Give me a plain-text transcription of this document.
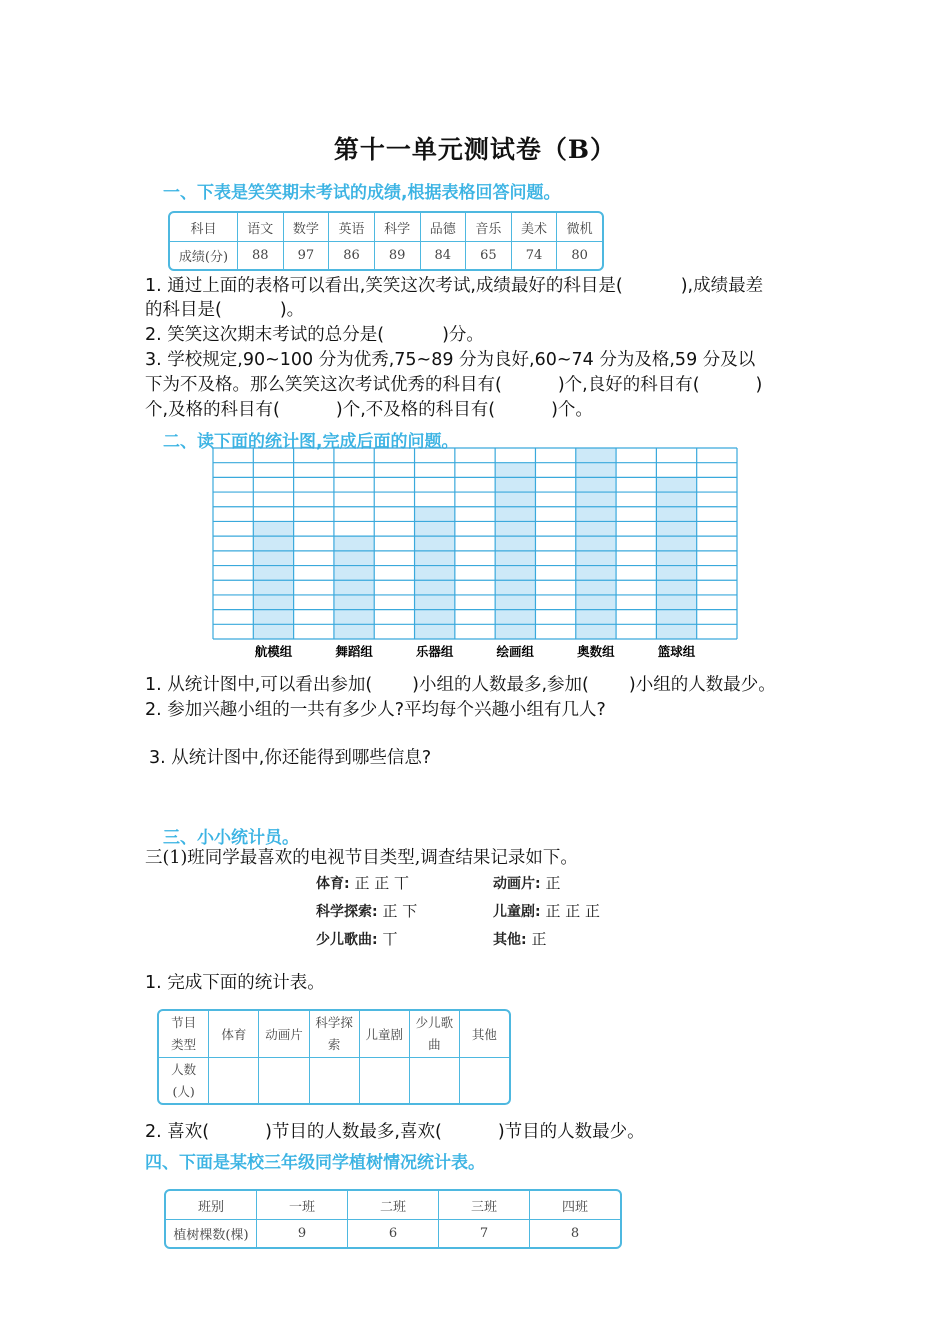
第十一单元测试卷（B）
一、下表是笑笑期末考试的成绩,根据表格回答问题。
科目	语文	数学	英语	科学	品德	音乐	美术	微机
成绩(分)	88	97	86	89	84	65	74	80
1. 通过上面的表格可以看出,笑笑这次考试,成绩最好的科目是(	),成绩最差
的科目是(	)。
2. 笑笑这次期末考试的总分是(	)分。
3. 学校规定,90~100 分为优秀,75~89 分为良好,60~74 分为及格,59 分及以
下为不及格。那么笑笑这次考试优秀的科目有(	)个,良好的科目有(	)
个,及格的科目有(	)个,不及格的科目有(	)个。
二、读下面的统计图,完成后面的问题。
航模组	舞蹈组	乐器组	绘画组	奥数组	篮球组
1. 从统计图中,可以看出参加( )小组的人数最多,参加( )小组的人数最少。
2. 参加兴趣小组的一共有多少人?平均每个兴趣小组有几人?
3. 从统计图中,你还能得到哪些信息?
三、小小统计员。
三(1)班同学最喜欢的电视节目类型,调查结果记录如下。
体育: 正 正 丅	动画片: 正
科学探索: 正 下	儿童剧: 正 正 正
少儿歌曲: 丅	其他: 正
1. 完成下面的统计表。
节目
类型	体育	动画片	科学探索	儿童剧	少儿歌曲	其他
人数
(人)						
2. 喜欢(	)节目的人数最多,喜欢(	)节目的人数最少。
四、下面是某校三年级同学植树情况统计表。
班别	一班	二班	三班	四班
植树棵数(棵)	9	6	7	8
